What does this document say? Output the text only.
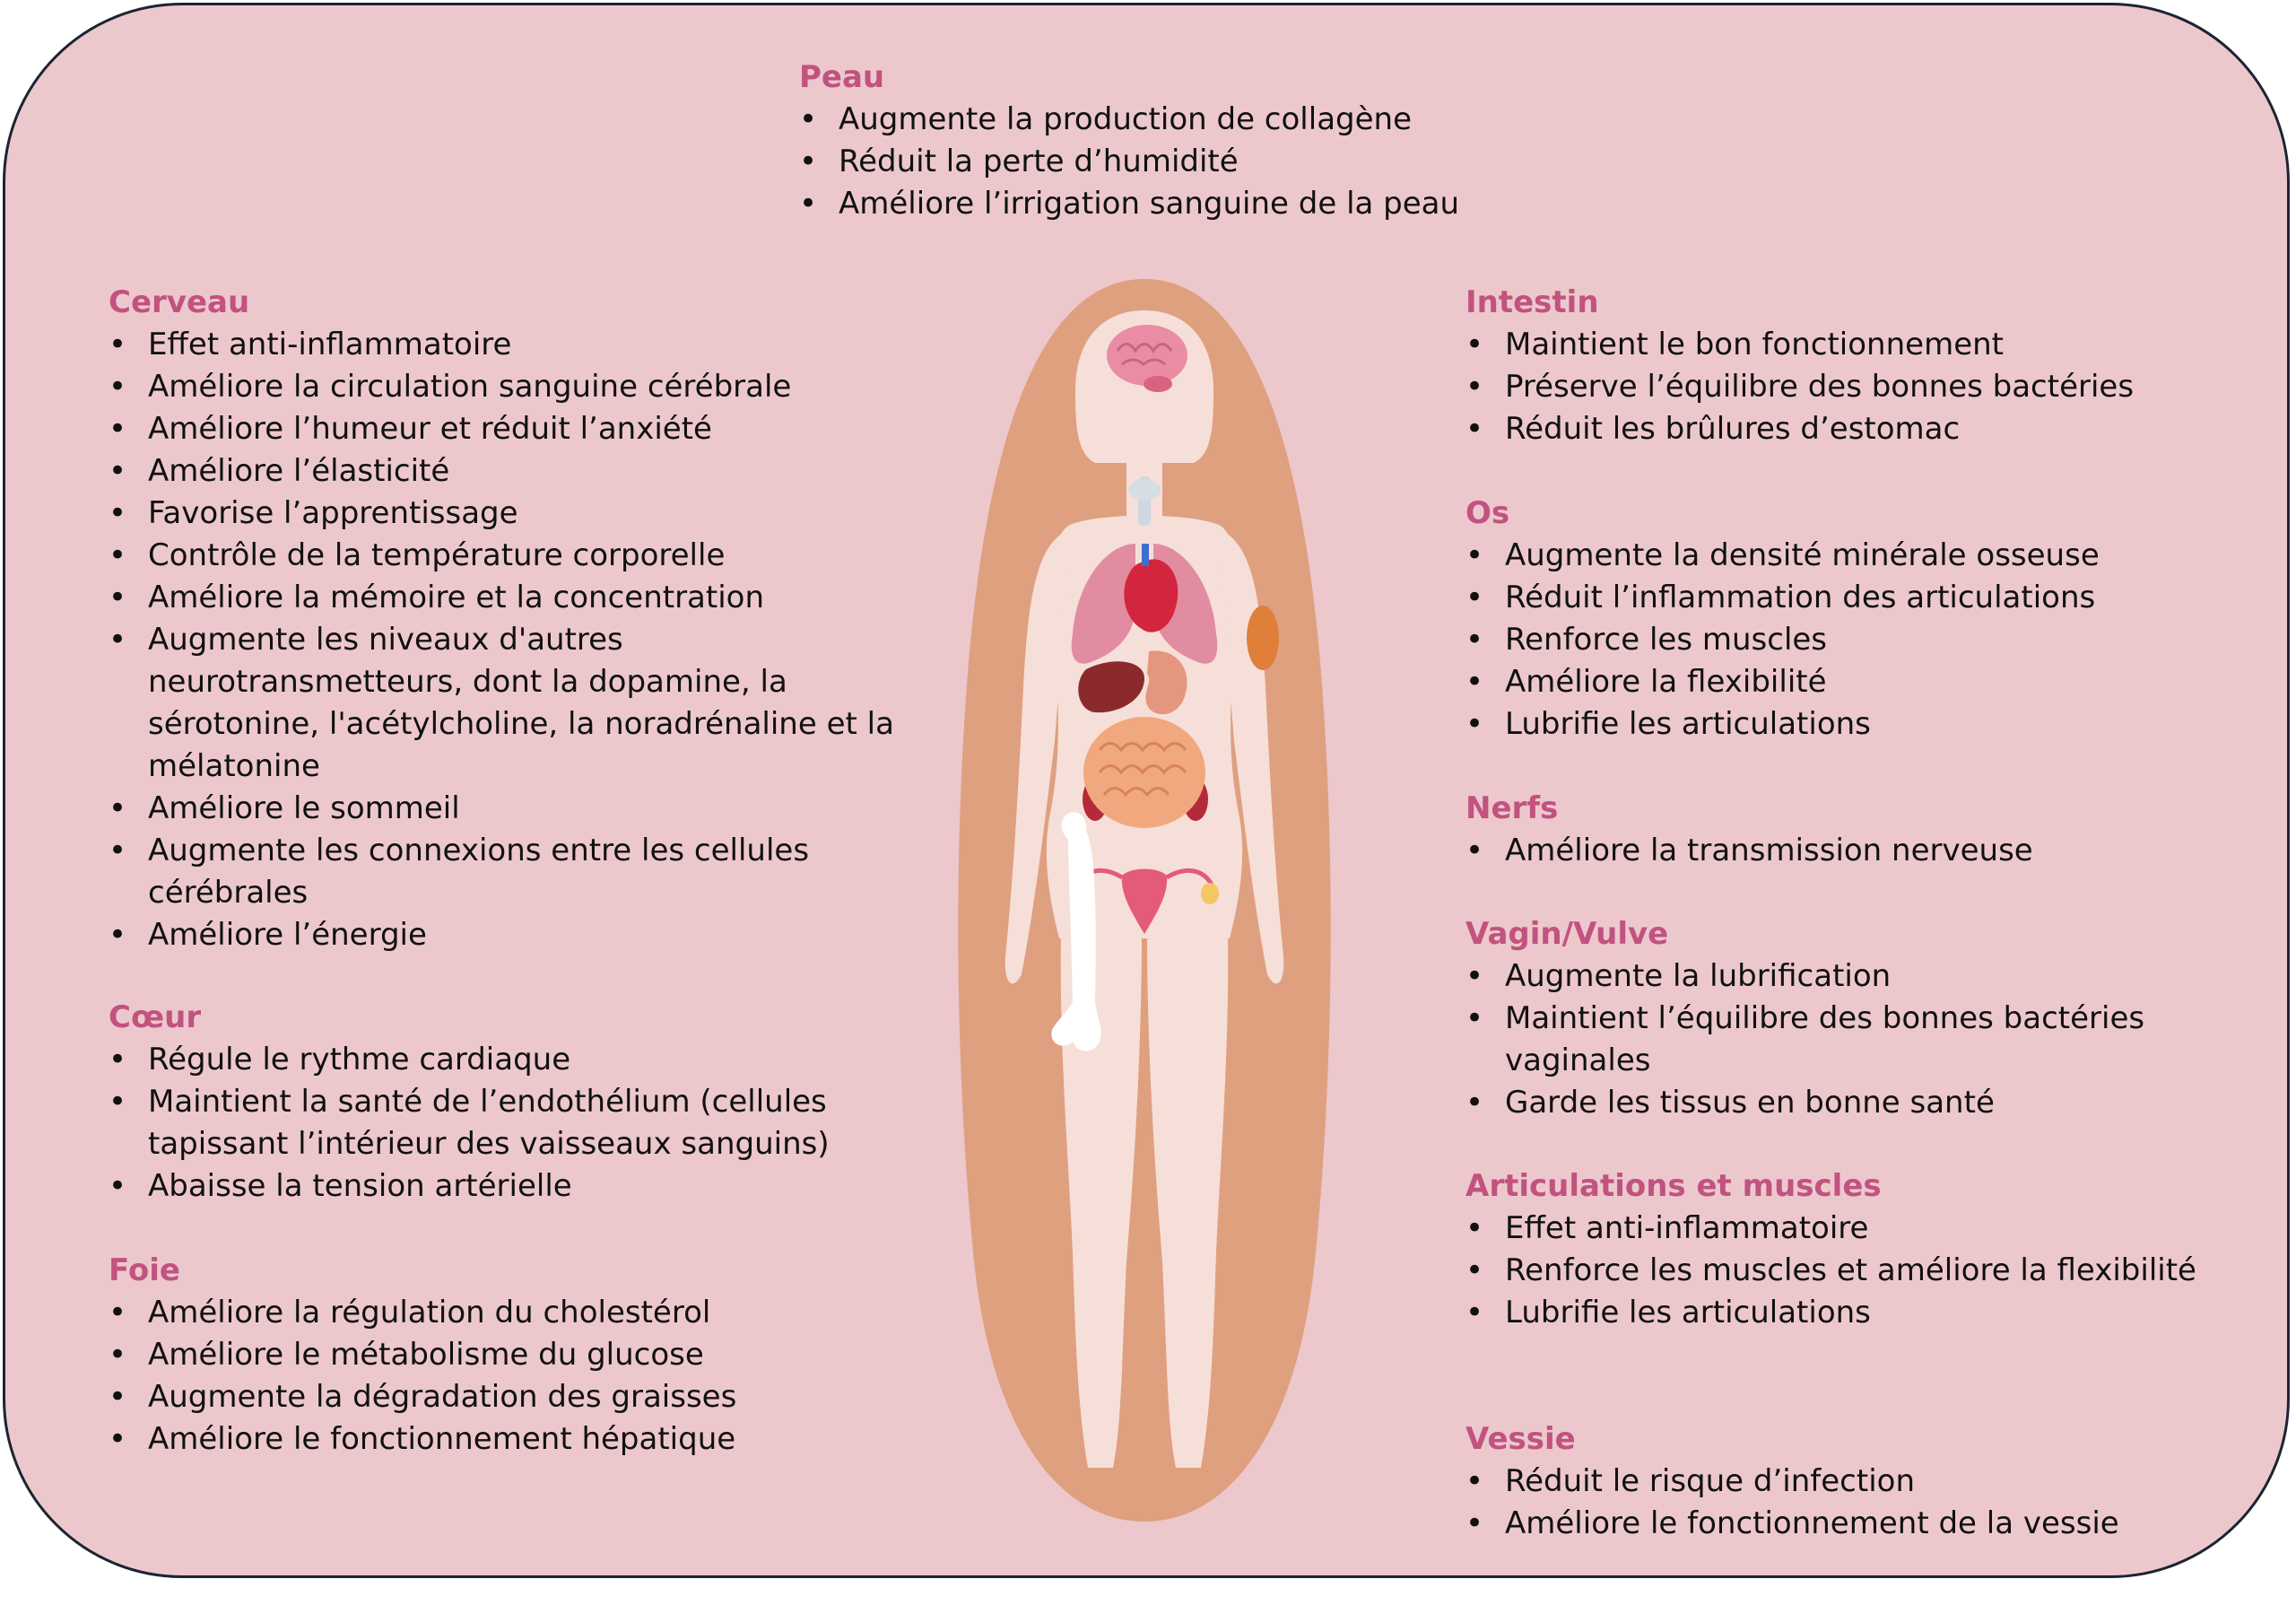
Peau
• Augmente la production de collagène
• Réduit la perte d’humidité
• Améliore l’irrigation sanguine de la peau
Cerveau
• Effet anti-inflammatoire
• Améliore la circulation sanguine cérébrale
• Améliore l’humeur et réduit l’anxiété
• Améliore l’élasticité
• Favorise l’apprentissage
• Contrôle de la température corporelle
• Améliore la mémoire et la concentration
• Augmente les niveaux d'autres neurotransmetteurs, dont la dopamine, la sérotonine, l'acétylcholine, la noradrénaline et la mélatonine
• Améliore le sommeil
• Augmente les connexions entre les cellules cérébrales
• Améliore l’énergie
Cœur
• Régule le rythme cardiaque
• Maintient la santé de l’endothélium (cellules tapissant l’intérieur des vaisseaux sanguins)
• Abaisse la tension artérielle
Foie
• Améliore la régulation du cholestérol
• Améliore le métabolisme du glucose
• Augmente la dégradation des graisses
• Améliore le fonctionnement hépatique
Intestin
• Maintient le bon fonctionnement
• Préserve l’équilibre des bonnes bactéries
• Réduit les brûlures d’estomac
Os
• Augmente la densité minérale osseuse
• Réduit l’inflammation des articulations
• Renforce les muscles
• Améliore la flexibilité
• Lubrifie les articulations
Nerfs
• Améliore la transmission nerveuse
Vagin/Vulve
• Augmente la lubrification
• Maintient l’équilibre des bonnes bactéries vaginales
• Garde les tissus en bonne santé
Articulations et muscles
• Effet anti-inflammatoire
• Renforce les muscles et améliore la flexibilité
• Lubrifie les articulations
Vessie
• Réduit le risque d’infection
• Améliore le fonctionnement de la vessie
